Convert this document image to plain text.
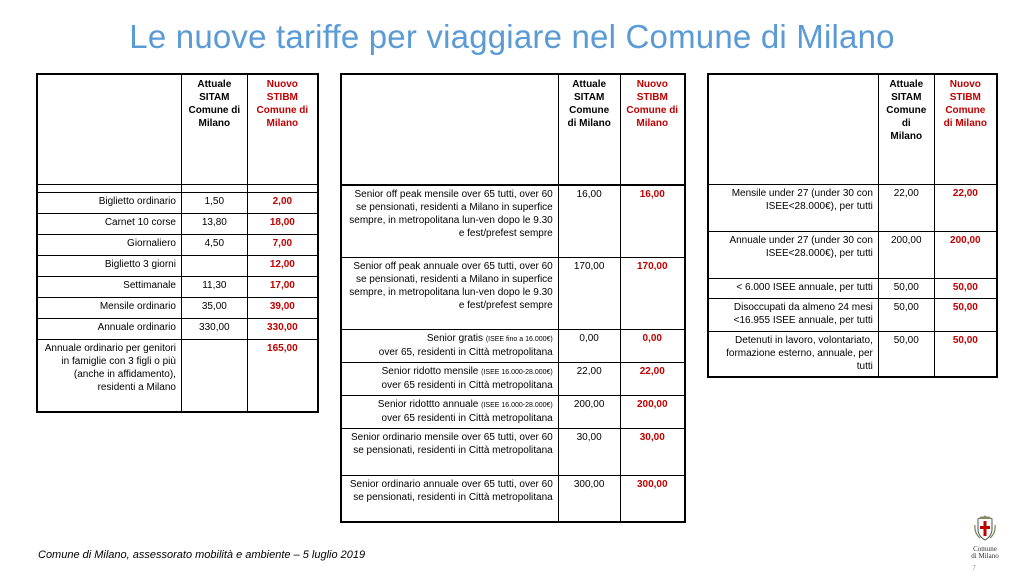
Le nuove tariffe per viaggiare nel Comune di Milano
	Attuale SITAM Comune di Milano	Nuovo STIBM Comune di Milano

Biglietto ordinario	1,50	2,00
Carnet 10 corse	13,80	18,00
Giornaliero	4,50	7,00
Biglietto 3 giorni		12,00
Settimanale	11,30	17,00
Mensile ordinario	35,00	39,00
Annuale ordinario	330,00	330,00
Annuale ordinario per genitori in famiglie con 3 figli o più (anche in affidamento), residenti a Milano		165,00
	Attuale SITAM Comune di Milano	Nuovo STIBM Comune di Milano

Senior off peak mensile over 65 tutti, over 60 se pensionati, residenti a Milano in superfice sempre, in metropolitana lun-ven dopo le 9.30 e fest/prefest sempre	16,00	16,00
Senior off peak annuale over 65 tutti, over 60 se pensionati, residenti a Milano in superfice sempre, in metropolitana lun-ven dopo le 9.30 e fest/prefest sempre	170,00	170,00
Senior gratis (ISEE fino a 16.000€)
over 65, residenti in Città metropolitana	0,00	0,00
Senior ridotto mensile (ISEE 16.000-28.000€)
over 65 residenti in Città metropolitana	22,00	22,00
Senior ridottto annuale (ISEE 16.000-28.000€)
over 65 residenti in Città metropolitana	200,00	200,00
Senior ordinario mensile over 65 tutti, over 60 se pensionati, residenti in Città metropolitana	30,00	30,00
Senior ordinario annuale over 65 tutti, over 60 se pensionati, residenti in Città metropolitana	300,00	300,00
	Attuale SITAM Comune di Milano	Nuovo STIBM Comune di Milano
Mensile under 27 (under 30 con ISEE<28.000€), per tutti	22,00	22,00
Annuale under 27 (under 30 con ISEE<28.000€), per tutti	200,00	200,00
< 6.000 ISEE annuale, per tutti	50,00	50,00
Disoccupati da almeno 24 mesi <16.955 ISEE annuale, per tutti	50,00	50,00
Detenuti in lavoro, volontariato, formazione esterno, annuale, per tutti	50,00	50,00
Comune di Milano, assessorato mobilità e ambiente – 5 luglio 2019	Comune di Milano
7
